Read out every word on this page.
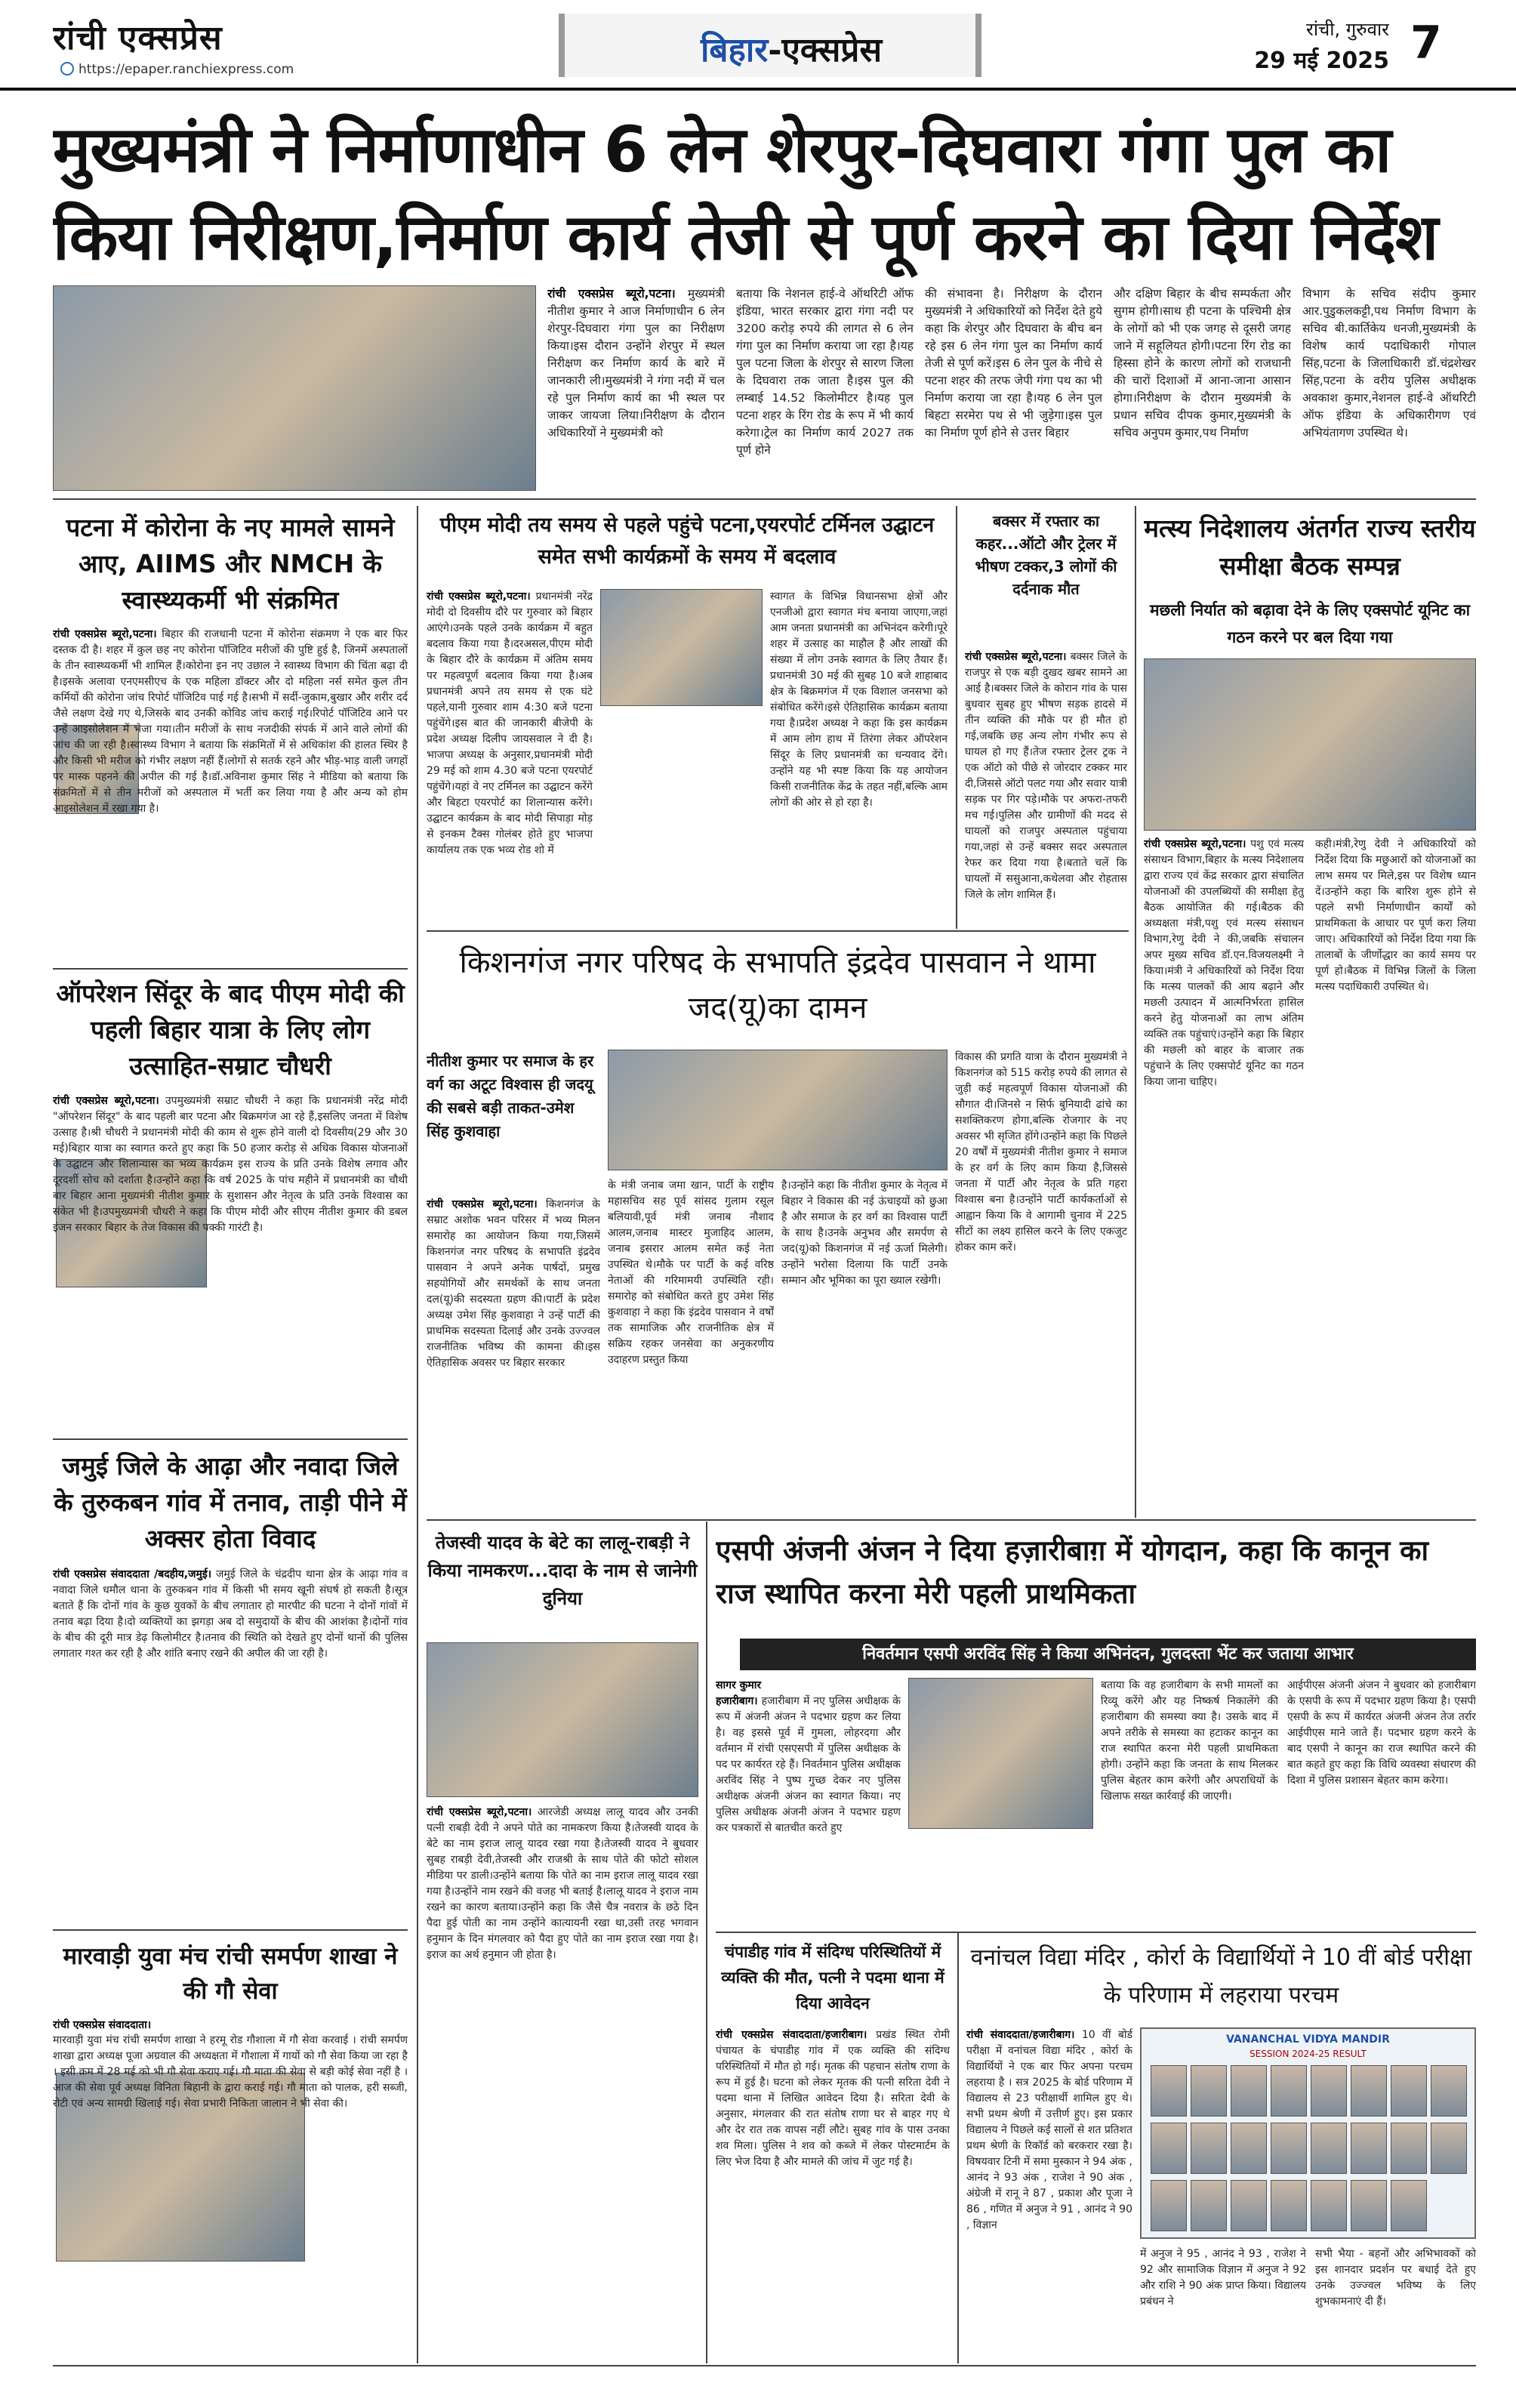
रांची एक्सप्रेस
https://epaper.ranchiexpress.com	बिहार-एक्सप्रेस
रांची, गुरुवार
29 मई 2025 7
मुख्यमंत्री ने निर्माणाधीन 6 लेन शेरपुर-दिघवारा गंगा पुल का किया निरीक्षण,निर्माण कार्य तेजी से पूर्ण करने का दिया निर्देश
रांची एक्सप्रेस ब्यूरो,पटना। मुख्यमंत्री नीतीश कुमार ने आज निर्माणाधीन 6 लेन शेरपुर-दिघवारा गंगा पुल का निरीक्षण किया।इस दौरान उन्होंने शेरपुर में स्थल निरीक्षण कर निर्माण कार्य के बारे में जानकारी ली।मुख्यमंत्री ने गंगा नदी में चल रहे पुल निर्माण कार्य का भी स्थल पर जाकर जायजा लिया।निरीक्षण के दौरान अधिकारियों ने मुख्यमंत्री को
बताया कि नेशनल हाई-वे ऑथरिटी ऑफ इंडिया, भारत सरकार द्वारा गंगा नदी पर 3200 करोड़ रुपये की लागत से 6 लेन गंगा पुल का निर्माण कराया जा रहा है।यह पुल पटना जिला के शेरपुर से सारण जिला के दिघवारा तक जाता है।इस पुल की लम्बाई 14.52 किलोमीटर है।यह पुल पटना शहर के रिंग रोड के रूप में भी कार्य करेगा।ट्रेल का निर्माण कार्य 2027 तक पूर्ण होने
की संभावना है। निरीक्षण के दौरान मुख्यमंत्री ने अधिकारियों को निर्देश देते हुये कहा कि शेरपुर और दिघवारा के बीच बन रहे इस 6 लेन गंगा पुल का निर्माण कार्य तेजी से पूर्ण करें।इस 6 लेन पुल के नीचे से पटना शहर की तरफ जेपी गंगा पथ का भी निर्माण कराया जा रहा है।यह 6 लेन पुल बिहटा सरमेरा पथ से भी जुड़ेगा।इस पुल का निर्माण पूर्ण होने से उत्तर बिहार
और दक्षिण बिहार के बीच सम्पर्कता और सुगम होगी।साथ ही पटना के पश्चिमी क्षेत्र के लोगों को भी एक जगह से दूसरी जगह जाने में सहूलियत होगी।पटना रिंग रोड का हिस्सा होने के कारण लोगों को राजधानी की चारों दिशाओं में आना-जाना आसान होगा।निरीक्षण के दौरान मुख्यमंत्री के प्रधान सचिव दीपक कुमार,मुख्यमंत्री के सचिव अनुपम कुमार,पथ निर्माण
विभाग के सचिव संदीप कुमार आर.पुडुकलकट्टी,पथ निर्माण विभाग के सचिव बी.कार्तिकेय धनजी,मुख्यमंत्री के विशेष कार्य पदाधिकारी गोपाल सिंह,पटना के जिलाधिकारी डॉ.चंद्रशेखर सिंह,पटना के वरीय पुलिस अधीक्षक अवकाश कुमार,नेशनल हाई-वे ऑथरिटी ऑफ इंडिया के अधिकारीगण एवं अभियंतागण उपस्थित थे।
पटना में कोरोना के नए मामले सामने आए, AIIMS और NMCH के स्वास्थ्यकर्मी भी संक्रमित
रांची एक्सप्रेस ब्यूरो,पटना। बिहार की राजधानी पटना में कोरोना संक्रमण ने एक बार फिर दस्तक दी है। शहर में कुल छह नए कोरोना पॉजिटिव मरीजों की पुष्टि हुई है, जिनमें अस्पतालों के तीन स्वास्थ्यकर्मी भी शामिल हैं।कोरोना इन नए उछाल ने स्वास्थ्य विभाग की चिंता बढ़ा दी है।इसके अलावा एनएमसीएच के एक महिला डॉक्टर और दो महिला नर्स समेत कुल तीन कर्मियों की कोरोना जांच रिपोर्ट पॉजिटिव पाई गई है।सभी में सर्दी-जुकाम,बुखार और शरीर दर्द जैसे लक्षण देखे गए थे,जिसके बाद उनकी कोविड जांच कराई गई।रिपोर्ट पॉजिटिव आने पर उन्हें आइसोलेशन में भेजा गया।तीन मरीजों के साथ नजदीकी संपर्क में आने वाले लोगों की जांच की जा रही है।स्वास्थ्य विभाग ने बताया कि संक्रमितों में से अधिकांश की हालत स्थिर है और किसी भी मरीज को गंभीर लक्षण नहीं हैं।लोगों से सतर्क रहने और भीड़-भाड़ वाली जगहों पर मास्क पहनने की अपील की गई है।डॉ.अविनाश कुमार सिंह ने मीडिया को बताया कि संक्रमितों में से तीन मरीजों को अस्पताल में भर्ती कर लिया गया है और अन्य को होम आइसोलेशन में रखा गया है।
ऑपरेशन सिंदूर के बाद पीएम मोदी की पहली बिहार यात्रा के लिए लोग उत्साहित-सम्राट चौधरी
रांची एक्सप्रेस ब्यूरो,पटना। उपमुख्यमंत्री सम्राट चौधरी ने कहा कि प्रधानमंत्री नरेंद्र मोदी "ऑपरेशन सिंदूर" के बाद पहली बार पटना और बिक्रमगंज आ रहे हैं,इसलिए जनता में विशेष उत्साह है।श्री चौधरी ने प्रधानमंत्री मोदी की काम से शुरू होने वाली दो दिवसीय(29 और 30 मई)बिहार यात्रा का स्वागत करते हुए कहा कि 50 हजार करोड़ से अधिक विकास योजनाओं के उद्घाटन और शिलान्यास का भव्य कार्यक्रम इस राज्य के प्रति उनके विशेष लगाव और दूरदर्शी सोच को दर्शाता है।उन्होंने कहा कि वर्ष 2025 के पांच महीने में प्रधानमंत्री का चौथी बार बिहार आना मुख्यमंत्री नीतीश कुमार के सुशासन और नेतृत्व के प्रति उनके विश्वास का संकेत भी है।उपमुख्यमंत्री चौधरी ने कहा कि पीएम मोदी और सीएम नीतीश कुमार की डबल इंजन सरकार बिहार के तेज विकास की पक्की गारंटी है।
जमुई जिले के आढ़ा और नवादा जिले के तुरुकबन गांव में तनाव, ताड़ी पीने में अक्सर होता विवाद
रांची एक्सप्रेस संवाददाता /बदहीय,जमुई। जमुई जिले के चंद्रदीप थाना क्षेत्र के आढ़ा गांव व नवादा जिले धमौल थाना के तुरुकबन गांव में किसी भी समय खूनी संघर्ष हो सकती है।सूत्र बताते हैं कि दोनों गांव के कुछ युवकों के बीच लगातार हो मारपीट की घटना ने दोनों गांवों में तनाव बढ़ा दिया है।दो व्यक्तियों का झगड़ा अब दो समुदायों के बीच की आशंका है।दोनों गांव के बीच की दूरी मात्र डेढ़ किलोमीटर है।तनाव की स्थिति को देखते हुए दोनों थानों की पुलिस लगातार गश्त कर रही है और शांति बनाए रखने की अपील की जा रही है।
मारवाड़ी युवा मंच रांची समर्पण शाखा ने की गौ सेवा
रांची एक्सप्रेस संवाददाता।
मारवाड़ी युवा मंच रांची समर्पण शाखा ने हरमू रोड गौशाला में गौ सेवा करवाई । रांची समर्पण शाखा द्वारा अध्यक्ष पूजा अग्रवाल की अध्यक्षता में गौशाला में गायों को गौ सेवा किया जा रहा है । इसी क्रम में 28 मई को भी गौ सेवा कराए गई। गौ माता की सेवा से बड़ी कोई सेवा नहीं है । आज की सेवा पूर्व अध्यक्ष विनिता बिहानी के द्वारा कराई गई। गौ माता को पालक, हरी सब्जी, रोटी एवं अन्य सामग्री खिलाई गई। सेवा प्रभारी निकिता जालान ने भी सेवा की।
पीएम मोदी तय समय से पहले पहुंचे पटना,एयरपोर्ट टर्मिनल उद्घाटन समेत सभी कार्यक्रमों के समय में बदलाव
रांची एक्सप्रेस ब्यूरो,पटना। प्रधानमंत्री नरेंद्र मोदी दो दिवसीय दौरे पर गुरुवार को बिहार आएंगे।उनके पहले उनके कार्यक्रम में बहुत बदलाव किया गया है।दरअसल,पीएम मोदी के बिहार दौरे के कार्यक्रम में अंतिम समय पर महत्वपूर्ण बदलाव किया गया है।अब प्रधानमंत्री अपने तय समय से एक घंटे पहले,यानी गुरुवार शाम 4:30 बजे पटना पहुंचेंगे।इस बात की जानकारी बीजेपी के प्रदेश अध्यक्ष दिलीप जायसवाल ने दी है। भाजपा अध्यक्ष के अनुसार,प्रधानमंत्री मोदी 29 मई को शाम 4.30 बजे पटना एयरपोर्ट पहुंचेंगे।यहां वे नए टर्मिनल का उद्घाटन करेंगे और बिहटा एयरपोर्ट का शिलान्यास करेंगे।उद्घाटन कार्यक्रम के बाद मोदी सिपाड़ा मोड़ से इनकम टैक्स गोलंबर होते हुए भाजपा कार्यालय तक एक भव्य रोड शो में
स्वागत के विभिन्न विधानसभा क्षेत्रों और एनजीओ द्वारा स्वागत मंच बनाया जाएगा,जहां आम जनता प्रधानमंत्री का अभिनंदन करेगी।पूरे शहर में उत्साह का माहौल है और लाखों की संख्या में लोग उनके स्वागत के लिए तैयार हैं।प्रधानमंत्री 30 मई की सुबह 10 बजे शाहाबाद क्षेत्र के बिक्रमगंज में एक विशाल जनसभा को संबोधित करेंगे।इसे ऐतिहासिक कार्यक्रम बताया गया है।प्रदेश अध्यक्ष ने कहा कि इस कार्यक्रम में आम लोग हाथ में तिरंगा लेकर ऑपरेशन सिंदूर के लिए प्रधानमंत्री का धन्यवाद देंगे।उन्होंने यह भी स्पष्ट किया कि यह आयोजन किसी राजनीतिक केंद्र के तहत नहीं,बल्कि आम लोगों की ओर से हो रहा है।
बक्सर में रफ्तार का कहर...ऑटो और ट्रेलर में भीषण टक्कर,3 लोगों की दर्दनाक मौत
रांची एक्सप्रेस ब्यूरो,पटना। बक्सर जिले के राजपुर से एक बड़ी दुखद खबर सामने आ आई है।बक्सर जिले के कोरान गांव के पास बुधवार सुबह हुए भीषण सड़क हादसे में तीन व्यक्ति की मौके पर ही मौत हो गई,जबकि छह अन्य लोग गंभीर रूप से घायल हो गए हैं।तेज रफ्तार ट्रेलर ट्रक ने एक ऑटो को पीछे से जोरदार टक्कर मार दी,जिससे ऑटो पलट गया और सवार यात्री सड़क पर गिर पड़े।मौके पर अफरा-तफरी मच गई।पुलिस और ग्रामीणों की मदद से घायलों को राजपुर अस्पताल पहुंचाया गया,जहां से उन्हें बक्सर सदर अस्पताल रेफर कर दिया गया है।बताते चलें कि घायलों में ससुआना,कथेलवा और रोहतास जिले के लोग शामिल हैं।
मत्स्य निदेशालय अंतर्गत राज्य स्तरीय समीक्षा बैठक सम्पन्न
मछली निर्यात को बढ़ावा देने के लिए एक्सपोर्ट यूनिट का गठन करने पर बल दिया गया
रांची एक्सप्रेस ब्यूरो,पटना। पशु एवं मत्स्य संसाधन विभाग,बिहार के मत्स्य निदेशालय द्वारा राज्य एवं केंद्र सरकार द्वारा संचालित योजनाओं की उपलब्धियों की समीक्षा हेतु बैठक आयोजित की गई।बैठक की अध्यक्षता मंत्री,पशु एवं मत्स्य संसाधन विभाग,रेणु देवी ने की,जबकि संचालन अपर मुख्य सचिव डॉ.एन.विजयलक्ष्मी ने किया।मंत्री ने अधिकारियों को निर्देश दिया कि मत्स्य पालकों की आय बढ़ाने और मछली उत्पादन में आत्मनिर्भरता हासिल करने हेतु योजनाओं का लाभ अंतिम व्यक्ति तक पहुंचाएं।उन्होंने कहा कि बिहार की मछली को बाहर के बाजार तक पहुंचाने के लिए एक्सपोर्ट यूनिट का गठन किया जाना चाहिए।
कही।मंत्री,रेणु देवी ने अधिकारियों को निर्देश दिया कि मछुआरों को योजनाओं का लाभ समय पर मिले,इस पर विशेष ध्यान दें।उन्होंने कहा कि बारिश शुरू होने से पहले सभी निर्माणाधीन कार्यों को प्राथमिकता के आधार पर पूर्ण करा लिया जाए। अधिकारियों को निर्देश दिया गया कि तालाबों के जीर्णोद्धार का कार्य समय पर पूर्ण हो।बैठक में विभिन्न जिलों के जिला मत्स्य पदाधिकारी उपस्थित थे।
किशनगंज नगर परिषद के सभापति इंद्रदेव पासवान ने थामा जद(यू)का दामन
नीतीश कुमार पर समाज के हर वर्ग का अटूट विश्वास ही जदयू की सबसे बड़ी ताकत-उमेश सिंह कुशवाहा
रांची एक्सप्रेस ब्यूरो,पटना। किशनगंज के सम्राट अशोक भवन परिसर में भव्य मिलन समारोह का आयोजन किया गया,जिसमें किशनगंज नगर परिषद के सभापति इंद्रदेव पासवान ने अपने अनेक पार्षदों, प्रमुख सहयोगियों और समर्थकों के साथ जनता दल(यू)की सदस्यता ग्रहण की।पार्टी के प्रदेश अध्यक्ष उमेश सिंह कुशवाहा ने उन्हें पार्टी की प्राथमिक सदस्यता दिलाई और उनके उज्ज्वल राजनीतिक भविष्य की कामना की।इस ऐतिहासिक अवसर पर बिहार सरकार
के मंत्री जनाब जमा खान, पार्टी के राष्ट्रीय महासचिव सह पूर्व सांसद गुलाम रसूल बलियावी,पूर्व मंत्री जनाब नौशाद आलम,जनाब मास्टर मुजाहिद आलम, जनाब इसरार आलम समेत कई नेता उपस्थित थे।मौके पर पार्टी के कई वरिष्ठ नेताओं की गरिमामयी उपस्थिति रही।समारोह को संबोधित करते हुए उमेश सिंह कुशवाहा ने कहा कि इंद्रदेव पासवान ने वर्षों तक सामाजिक और राजनीतिक क्षेत्र में सक्रिय रहकर जनसेवा का अनुकरणीय उदाहरण प्रस्तुत किया
है।उन्होंने कहा कि नीतीश कुमार के नेतृत्व में बिहार ने विकास की नई ऊंचाइयों को छुआ है और समाज के हर वर्ग का विश्वास पार्टी के साथ है।उनके अनुभव और समर्पण से जद(यू)को किशनगंज में नई ऊर्जा मिलेगी।उन्होंने भरोसा दिलाया कि पार्टी उनके सम्मान और भूमिका का पूरा ख्याल रखेगी।
विकास की प्रगति यात्रा के दौरान मुख्यमंत्री ने किशनगंज को 515 करोड़ रुपये की लागत से जुड़ी कई महत्वपूर्ण विकास योजनाओं की सौगात दी।जिनसे न सिर्फ बुनियादी ढांचे का सशक्तिकरण होगा,बल्कि रोजगार के नए अवसर भी सृजित होंगे।उन्होंने कहा कि पिछले 20 वर्षों में मुख्यमंत्री नीतीश कुमार ने समाज के हर वर्ग के लिए काम किया है,जिससे जनता में पार्टी और नेतृत्व के प्रति गहरा विश्वास बना है।उन्होंने पार्टी कार्यकर्ताओं से आह्वान किया कि वे आगामी चुनाव में 225 सीटों का लक्ष्य हासिल करने के लिए एकजुट होकर काम करें।
तेजस्वी यादव के बेटे का लालू-राबड़ी ने किया नामकरण...दादा के नाम से जानेगी दुनिया
रांची एक्सप्रेस ब्यूरो,पटना। आरजेडी अध्यक्ष लालू यादव और उनकी पत्नी राबड़ी देवी ने अपने पोते का नामकरण किया है।तेजस्वी यादव के बेटे का नाम इराज लालू यादव रखा गया है।तेजस्वी यादव ने बुधवार सुबह राबड़ी देवी,तेजस्वी और राजश्री के साथ पोते की फोटो सोशल मीडिया पर डाली।उन्होंने बताया कि पोते का नाम इराज लालू यादव रखा गया है।उन्होंने नाम रखने की वजह भी बताई है।लालू यादव ने इराज नाम रखने का कारण बताया।उन्होंने कहा कि जैसे चैत्र नवरात्र के छठे दिन पैदा हुई पोती का नाम उन्होंने कात्यायनी रखा था,उसी तरह भगवान हनुमान के दिन मंगलवार को पैदा हुए पोते का नाम इराज रखा गया है।इराज का अर्थ हनुमान जी होता है।
एसपी अंजनी अंजन ने दिया हज़ारीबाग़ में योगदान, कहा कि कानून का राज स्थापित करना मेरी पहली प्राथमिकता
निवर्तमान एसपी अरविंद सिंह ने किया अभिनंदन, गुलदस्ता भेंट कर जताया आभार
सागर कुमार
हजारीबाग। हजारीबाग में नए पुलिस अधीक्षक के रूप में अंजनी अंजन ने पदभार ग्रहण कर लिया है। वह इससे पूर्व में गुमला, लोहरदगा और वर्तमान में रांची एसएसपी में पुलिस अधीक्षक के पद पर कार्यरत रहे हैं। निवर्तमान पुलिस अधीक्षक अरविंद सिंह ने पुष्प गुच्छ देकर नए पुलिस अधीक्षक अंजनी अंजन का स्वागत किया। नए पुलिस अधीक्षक अंजनी अंजन ने पदभार ग्रहण कर पत्रकारों से बातचीत करते हुए
बताया कि वह हजारीबाग के सभी मामलों का रिव्यू करेंगे और यह निष्कर्ष निकालेंगे की हजारीबाग की समस्या क्या है। उसके बाद में अपने तरीके से समस्या का हटाकर कानून का राज स्थापित करना मेरी पहली प्राथमिकता होगी। उन्होंने कहा कि जनता के साथ मिलकर पुलिस बेहतर काम करेगी और अपराधियों के खिलाफ सख्त कार्रवाई की जाएगी।
आईपीएस अंजनी अंजन ने बुधवार को हजारीबाग के एसपी के रूप में पदभार ग्रहण किया है। एसपी एसपी के रूप में कार्यरत अंजनी अंजन तेज तर्रार आईपीएस माने जाते हैं। पदभार ग्रहण करने के बाद एसपी ने कानून का राज स्थापित करने की बात कहते हुए कहा कि विधि व्यवस्था संधारण की दिशा में पुलिस प्रशासन बेहतर काम करेगा।
चंपाडीह गांव में संदिग्ध परिस्थितियों में व्यक्ति की मौत, पत्नी ने पदमा थाना में दिया आवेदन
रांची एक्सप्रेस संवाददाता/हजारीबाग। प्रखंड स्थित रोमी पंचायत के चंपाडीह गांव में एक व्यक्ति की संदिग्ध परिस्थितियों में मौत हो गई। मृतक की पहचान संतोष राणा के रूप में हुई है। घटना को लेकर मृतक की पत्नी सरिता देवी ने पदमा थाना में लिखित आवेदन दिया है। सरिता देवी के अनुसार, मंगलवार की रात संतोष राणा घर से बाहर गए थे और देर रात तक वापस नहीं लौटे। सुबह गांव के पास उनका शव मिला। पुलिस ने शव को कब्जे में लेकर पोस्टमार्टम के लिए भेज दिया है और मामले की जांच में जुट गई है।
वनांचल विद्या मंदिर , कोर्रा के विद्यार्थियों ने 10 वीं बोर्ड परीक्षा के परिणाम में लहराया परचम
रांची संवाददाता/हजारीबाग। 10 वीं बोर्ड परीक्षा में वनांचल विद्या मंदिर , कोर्रा के विद्यार्थियों ने एक बार फिर अपना परचम लहराया है । सत्र 2025 के बोर्ड परिणाम में विद्यालय से 23 परीक्षार्थी शामिल हुए थे। सभी प्रथम श्रेणी में उत्तीर्ण हुए। इस प्रकार विद्यालय ने पिछले कई सालों से शत प्रतिशत प्रथम श्रेणी के रिकॉर्ड को बरकरार रखा है। विषयवार टिनी में समा मुस्कान ने 94 अंक , आनंद ने 93 अंक , राजेश ने 90 अंक , अंग्रेजी में रानू ने 87 , प्रकाश और पूजा ने 86 , गणित में अनुज ने 91 , आनंद ने 90 , विज्ञान
VANANCHAL VIDYA MANDIR
SESSION 2024-25 RESULT
में अनुज ने 95 , आनंद ने 93 , राजेश ने 92 और सामाजिक विज्ञान में अनुज ने 92 और राशि ने 90 अंक प्राप्त किया। विद्यालय प्रबंधन ने
सभी भैया - बहनों और अभिभावकों को इस शानदार प्रदर्शन पर बधाई देते हुए उनके उज्ज्वल भविष्य के लिए शुभकामनाएं दी हैं।
